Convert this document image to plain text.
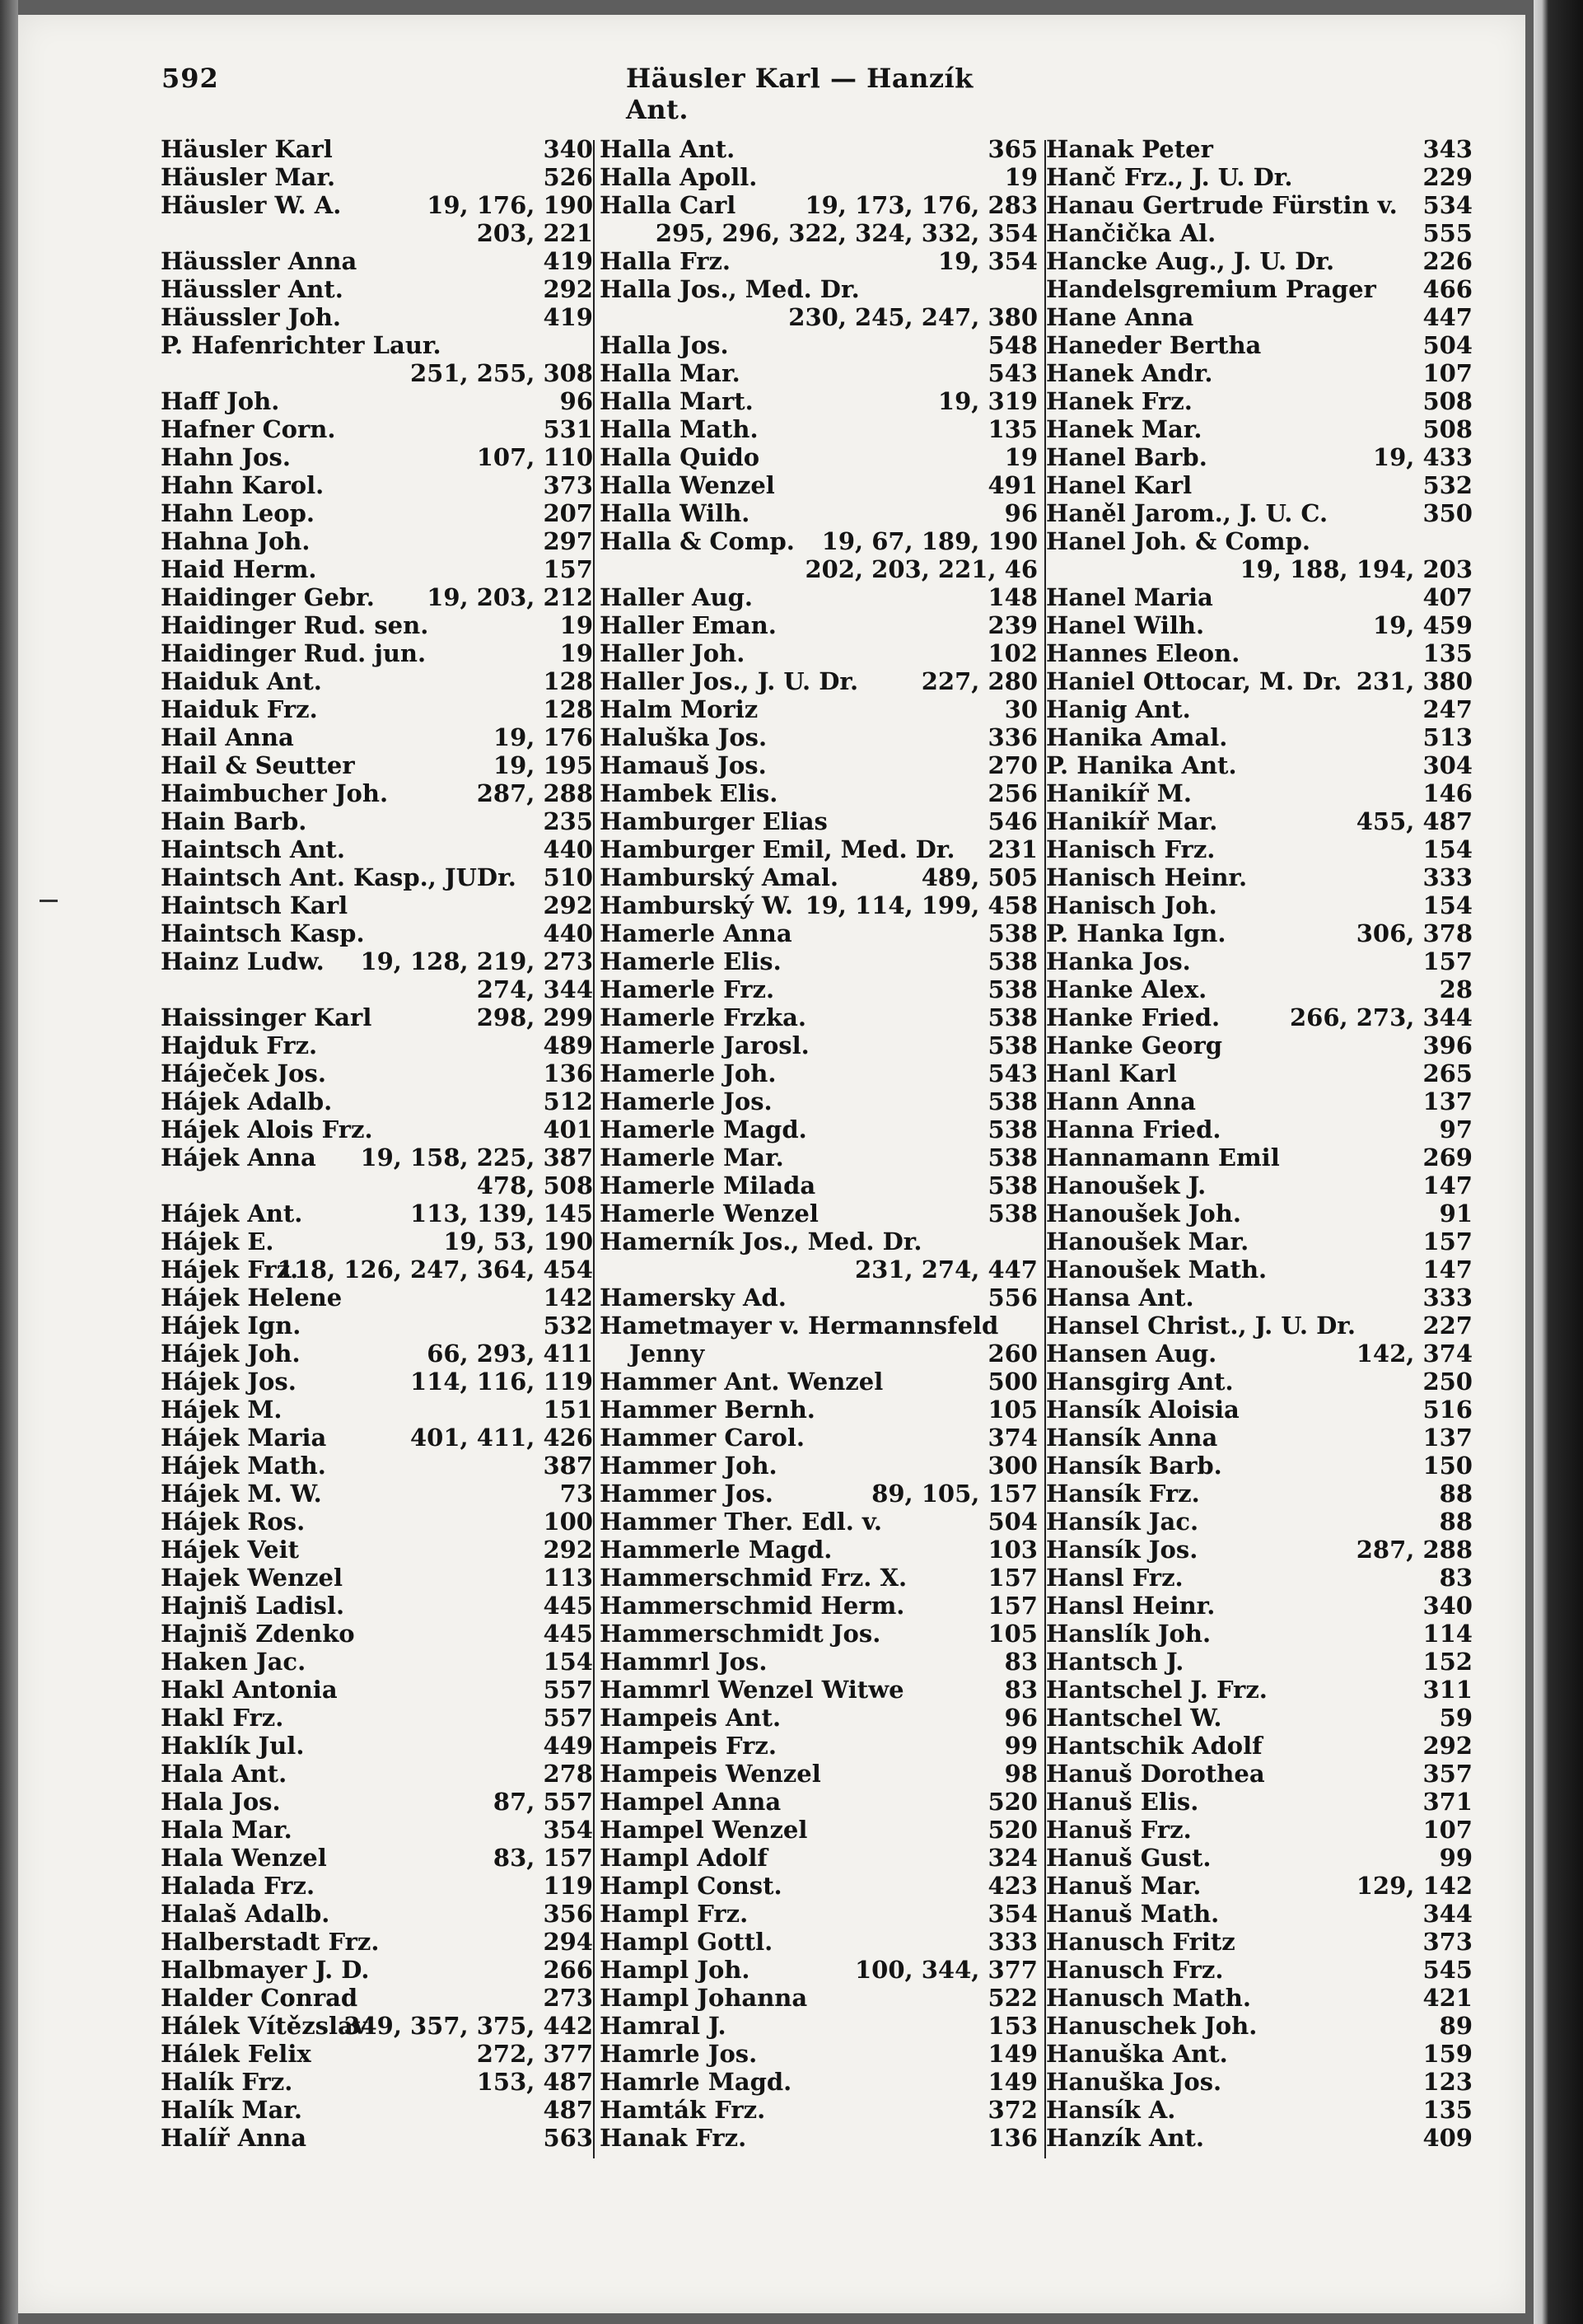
592	Häusler Karl — Hanzík Ant.
Häusler Karl	340
Häusler Mar.	526
Häusler W. A.	19, 176, 190
203, 221
Häussler Anna	419
Häussler Ant.	292
Häussler Joh.	419
P. Hafenrichter Laur.
251, 255, 308
Haff Joh.	96
Hafner Corn.	531
Hahn Jos.	107, 110
Hahn Karol.	373
Hahn Leop.	207
Hahna Joh.	297
Haid Herm.	157
Haidinger Gebr. 19, 203, 212
Haidinger Rud. sen.	19
Haidinger Rud. jun.	19
Haiduk Ant.	128
Haiduk Frz.	128
Hail Anna	19, 176
Hail & Seutter	19, 195
Haimbucher Joh.	287, 288
Hain Barb.	235
Haintsch Ant.	440
Haintsch Ant. Kasp., JUDr. 510
Haintsch Karl	292
Haintsch Kasp.	440
Hainz Ludw. 19, 128, 219, 273
274, 344
Haissinger Karl	298, 299
Hajduk Frz.	489
Háječek Jos.	136
Hájek Adalb.	512
Hájek Alois Frz.	401
Hájek Anna 19, 158, 225, 387
478, 508
Hájek Ant.	113, 139, 145
Hájek E.	19, 53, 190
Hájek Frz.
118, 126, 247, 364, 454
Hájek Helene	142
Hájek Ign.	532
Hájek Joh.	66, 293, 411
Hájek Jos.	114, 116, 119
Hájek M.	151
Hájek Maria	401, 411, 426
Hájek Math.	387
Hájek M. W.	73
Hájek Ros.	100
Hájek Veit	292
Hajek Wenzel	113
Hajniš Ladisl.	445
Hajniš Zdenko	445
Haken Jac.	154
Hakl Antonia	557
Hakl Frz.	557
Haklík Jul.	449
Hala Ant.	278
Hala Jos.	87, 557
Hala Mar.	354
Hala Wenzel	83, 157
Halada Frz.	119
Halaš Adalb.	356
Halberstadt Frz.	294
Halbmayer J. D.	266
Halder Conrad	273
Hálek Vítězslav
349, 357, 375, 442
Hálek Felix	272, 377
Halík Frz.	153, 487
Halík Mar.	487
Halíř Anna	563
Halla Ant.	365
Halla Apoll.	19
Halla Carl	19, 173, 176, 283
295, 296, 322, 324, 332, 354
Halla Frz.	19, 354
Halla Jos., Med. Dr.
230, 245, 247, 380
Halla Jos.	548
Halla Mar.	543
Halla Mart.	19, 319
Halla Math.	135
Halla Quido	19
Halla Wenzel	491
Halla Wilh.	96
Halla & Comp. 19, 67, 189, 190
202, 203, 221, 46
Haller Aug.	148
Haller Eman.	239
Haller Joh.	102
Haller Jos., J. U. Dr.	227, 280
Halm Moriz	30
Haluška Jos.	336
Hamauš Jos.	270
Hambek Elis.	256
Hamburger Elias	546
Hamburger Emil, Med. Dr. 231
Hamburský Amal.	489, 505
Hamburský W. 19, 114, 199, 458
Hamerle Anna	538
Hamerle Elis.	538
Hamerle Frz.	538
Hamerle Frzka.	538
Hamerle Jarosl.	538
Hamerle Joh.	543
Hamerle Jos.	538
Hamerle Magd.	538
Hamerle Mar.	538
Hamerle Milada	538
Hamerle Wenzel	538
Hamerník Jos., Med. Dr.
231, 274, 447
Hamersky Ad.	556
Hametmayer v. Hermannsfeld
Jenny	260
Hammer Ant. Wenzel	500
Hammer Bernh.	105
Hammer Carol.	374
Hammer Joh.	300
Hammer Jos.	89, 105, 157
Hammer Ther. Edl. v.	504
Hammerle Magd.	103
Hammerschmid Frz. X.	157
Hammerschmid Herm.	157
Hammerschmidt Jos.	105
Hammrl Jos.	83
Hammrl Wenzel Witwe	83
Hampeis Ant.	96
Hampeis Frz.	99
Hampeis Wenzel	98
Hampel Anna	520
Hampel Wenzel	520
Hampl Adolf	324
Hampl Const.	423
Hampl Frz.	354
Hampl Gottl.	333
Hampl Joh.	100, 344, 377
Hampl Johanna	522
Hamral J.	153
Hamrle Jos.	149
Hamrle Magd.	149
Hamták Frz.	372
Hanak Frz.	136
Hanak Peter	343
Hanč Frz., J. U. Dr.	229
Hanau Gertrude Fürstin v. 534
Hančička Al.	555
Hancke Aug., J. U. Dr.	226
Handelsgremium Prager 466
Hane Anna	447
Haneder Bertha	504
Hanek Andr.	107
Hanek Frz.	508
Hanek Mar.	508
Hanel Barb.	19, 433
Hanel Karl	532
Haněl Jarom., J. U. C.	350
Hanel Joh. & Comp.
19, 188, 194, 203
Hanel Maria	407
Hanel Wilh.	19, 459
Hannes Eleon.	135
Haniel Ottocar, M. Dr. 231, 380
Hanig Ant.	247
Hanika Amal.	513
P. Hanika Ant.	304
Hanikíř M.	146
Hanikíř Mar.	455, 487
Hanisch Frz.	154
Hanisch Heinr.	333
Hanisch Joh.	154
P. Hanka Ign.	306, 378
Hanka Jos.	157
Hanke Alex.	28
Hanke Fried.	266, 273, 344
Hanke Georg	396
Hanl Karl	265
Hann Anna	137
Hanna Fried.	97
Hannamann Emil	269
Hanoušek J.	147
Hanoušek Joh.	91
Hanoušek Mar.	157
Hanoušek Math.	147
Hansa Ant.	333
Hansel Christ., J. U. Dr.	227
Hansen Aug.	142, 374
Hansgirg Ant.	250
Hansík Aloisia	516
Hansík Anna	137
Hansík Barb.	150
Hansík Frz.	88
Hansík Jac.	88
Hansík Jos.	287, 288
Hansl Frz.	83
Hansl Heinr.	340
Hanslík Joh.	114
Hantsch J.	152
Hantschel J. Frz.	311
Hantschel W.	59
Hantschik Adolf	292
Hanuš Dorothea	357
Hanuš Elis.	371
Hanuš Frz.	107
Hanuš Gust.	99
Hanuš Mar.	129, 142
Hanuš Math.	344
Hanusch Fritz	373
Hanusch Frz.	545
Hanusch Math.	421
Hanuschek Joh.	89
Hanuška Ant.	159
Hanuška Jos.	123
Hansík A.	135
Hanzík Ant.	409
